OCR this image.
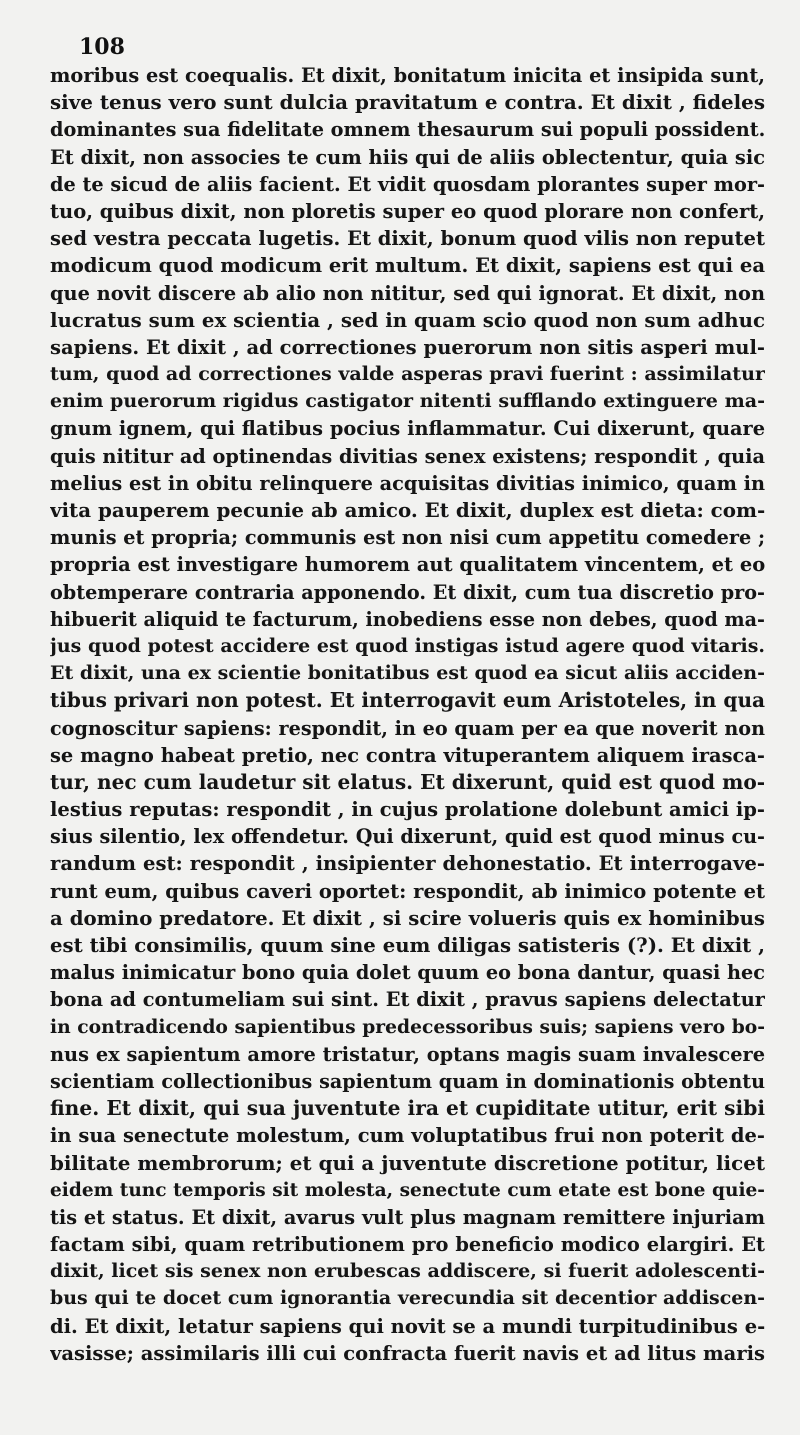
108
moribus est coequalis. Et dixit, bonitatum inicita et insipida sunt,
sive tenus vero sunt dulcia pravitatum e contra. Et dixit , fideles
dominantes sua fidelitate omnem thesaurum sui populi possident.
Et dixit, non associes te cum hiis qui de aliis oblectentur, quia sic
de te sicud de aliis facient. Et vidit quosdam plorantes super mor-
tuo, quibus dixit, non ploretis super eo quod plorare non confert,
sed vestra peccata lugetis. Et dixit, bonum quod vilis non reputet
modicum quod modicum erit multum. Et dixit, sapiens est qui ea
que novit discere ab alio non nititur, sed qui ignorat. Et dixit, non
lucratus sum ex scientia , sed in quam scio quod non sum adhuc
sapiens. Et dixit , ad correctiones puerorum non sitis asperi mul-
tum, quod ad correctiones valde asperas pravi fuerint : assimilatur
enim puerorum rigidus castigator nitenti sufflando extinguere ma-
gnum ignem, qui flatibus pocius inflammatur. Cui dixerunt, quare
quis nititur ad optinendas divitias senex existens; respondit , quia
melius est in obitu relinquere acquisitas divitias inimico, quam in
vita pauperem pecunie ab amico. Et dixit, duplex est dieta: com-
munis et propria; communis est non nisi cum appetitu comedere ;
propria est investigare humorem aut qualitatem vincentem, et eo
obtemperare contraria apponendo. Et dixit, cum tua discretio pro-
hibuerit aliquid te facturum, inobediens esse non debes, quod ma-
jus quod potest accidere est quod instigas istud agere quod vitaris.
Et dixit, una ex scientie bonitatibus est quod ea sicut aliis acciden-
tibus privari non potest. Et interrogavit eum Aristoteles, in qua
cognoscitur sapiens: respondit, in eo quam per ea que noverit non
se magno habeat pretio, nec contra vituperantem aliquem irasca-
tur, nec cum laudetur sit elatus. Et dixerunt, quid est quod mo-
lestius reputas: respondit , in cujus prolatione dolebunt amici ip-
sius silentio, lex offendetur. Qui dixerunt, quid est quod minus cu-
randum est: respondit , insipienter dehonestatio. Et interrogave-
runt eum, quibus caveri oportet: respondit, ab inimico potente et
a domino predatore. Et dixit , si scire volueris quis ex hominibus
est tibi consimilis, quum sine eum diligas satisteris (?). Et dixit ,
malus inimicatur bono quia dolet quum eo bona dantur, quasi hec
bona ad contumeliam sui sint. Et dixit , pravus sapiens delectatur
in contradicendo sapientibus predecessoribus suis; sapiens vero bo-
nus ex sapientum amore tristatur, optans magis suam invalescere
scientiam collectionibus sapientum quam in dominationis obtentu
fine. Et dixit, qui sua juventute ira et cupiditate utitur, erit sibi
in sua senectute molestum, cum voluptatibus frui non poterit de-
bilitate membrorum; et qui a juventute discretione potitur, licet
eidem tunc temporis sit molesta, senectute cum etate est bone quie-
tis et status. Et dixit, avarus vult plus magnam remittere injuriam
factam sibi, quam retributionem pro beneficio modico elargiri. Et
dixit, licet sis senex non erubescas addiscere, si fuerit adolescenti-
bus qui te docet cum ignorantia verecundia sit decentior addiscen-
di. Et dixit, letatur sapiens qui novit se a mundi turpitudinibus e-
vasisse; assimilaris illi cui confracta fuerit navis et ad litus maris
